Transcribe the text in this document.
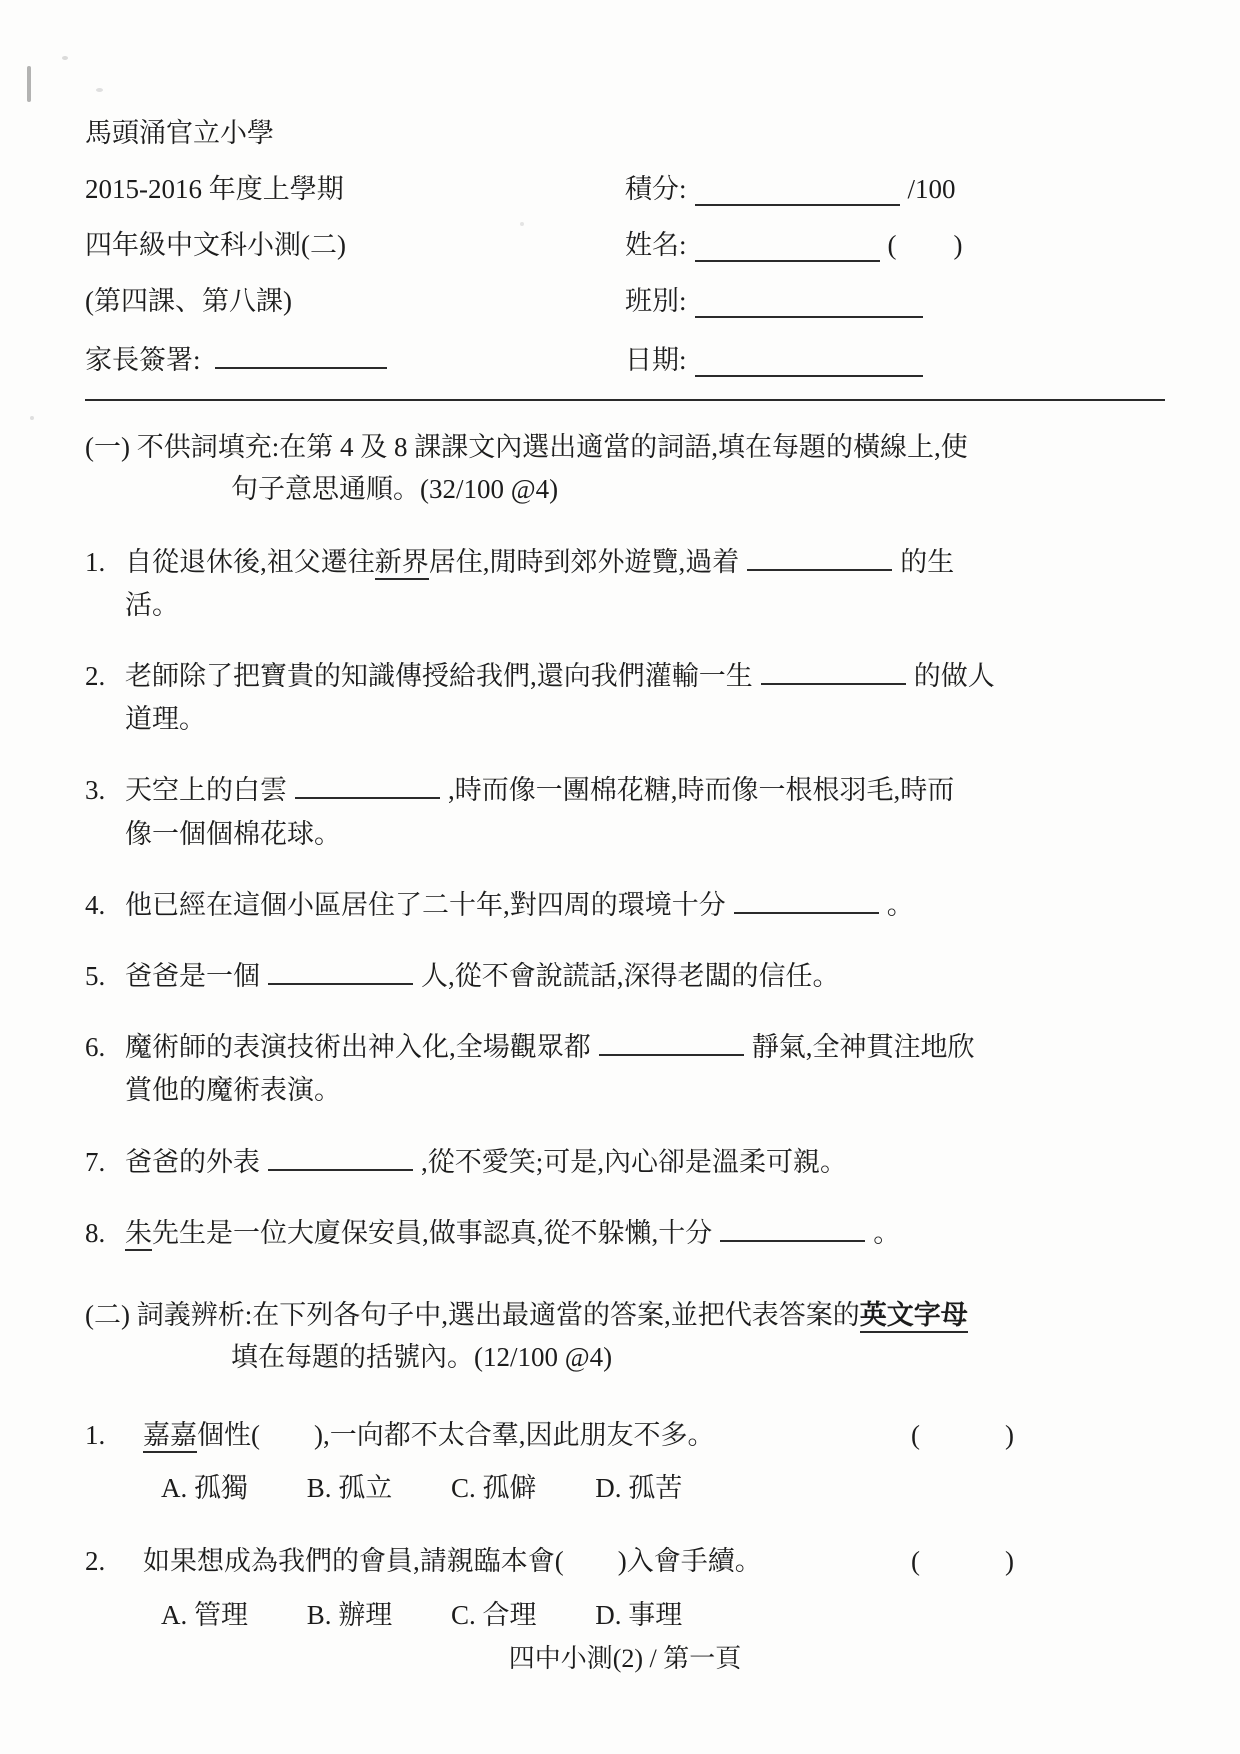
馬頭涌官立小學
2015-2016 年度上學期	積分:	/100
四年級中文科小測(二)	姓名:	(　　)
(第四課、第八課)	班別:
家長簽署:	日期:
(一) 不供詞填充:在第 4 及 8 課課文內選出適當的詞語,填在每題的橫線上,使
句子意思通順。(32/100 @4)
1. 自從退休後,祖父遷往新界居住,閒時到郊外遊覽,過着	的生
活。
2. 老師除了把寶貴的知識傳授給我們,還向我們灌輸一生	的做人
道理。
3. 天空上的白雲	,時而像一團棉花糖,時而像一根根羽毛,時而
像一個個棉花球。
4. 他已經在這個小區居住了二十年,對四周的環境十分	。
5. 爸爸是一個	人,從不會說謊話,深得老闆的信任。
6. 魔術師的表演技術出神入化,全場觀眾都	靜氣,全神貫注地欣
賞他的魔術表演。
7. 爸爸的外表	,從不愛笑;可是,內心卻是溫柔可親。
8. 朱先生是一位大廈保安員,做事認真,從不躲懶,十分	。
(二) 詞義辨析:在下列各句子中,選出最適當的答案,並把代表答案的英文字母
填在每題的括號內。(12/100 @4)
1.	嘉嘉個性(　　),一向都不太合羣,因此朋友不多。	(　　　)
A. 孤獨 B. 孤立 C. 孤僻 D. 孤苦
2.	如果想成為我們的會員,請親臨本會(　　)入會手續。	(　　　)
A. 管理 B. 辦理 C. 合理 D. 事理
四中小測(2) / 第一頁
